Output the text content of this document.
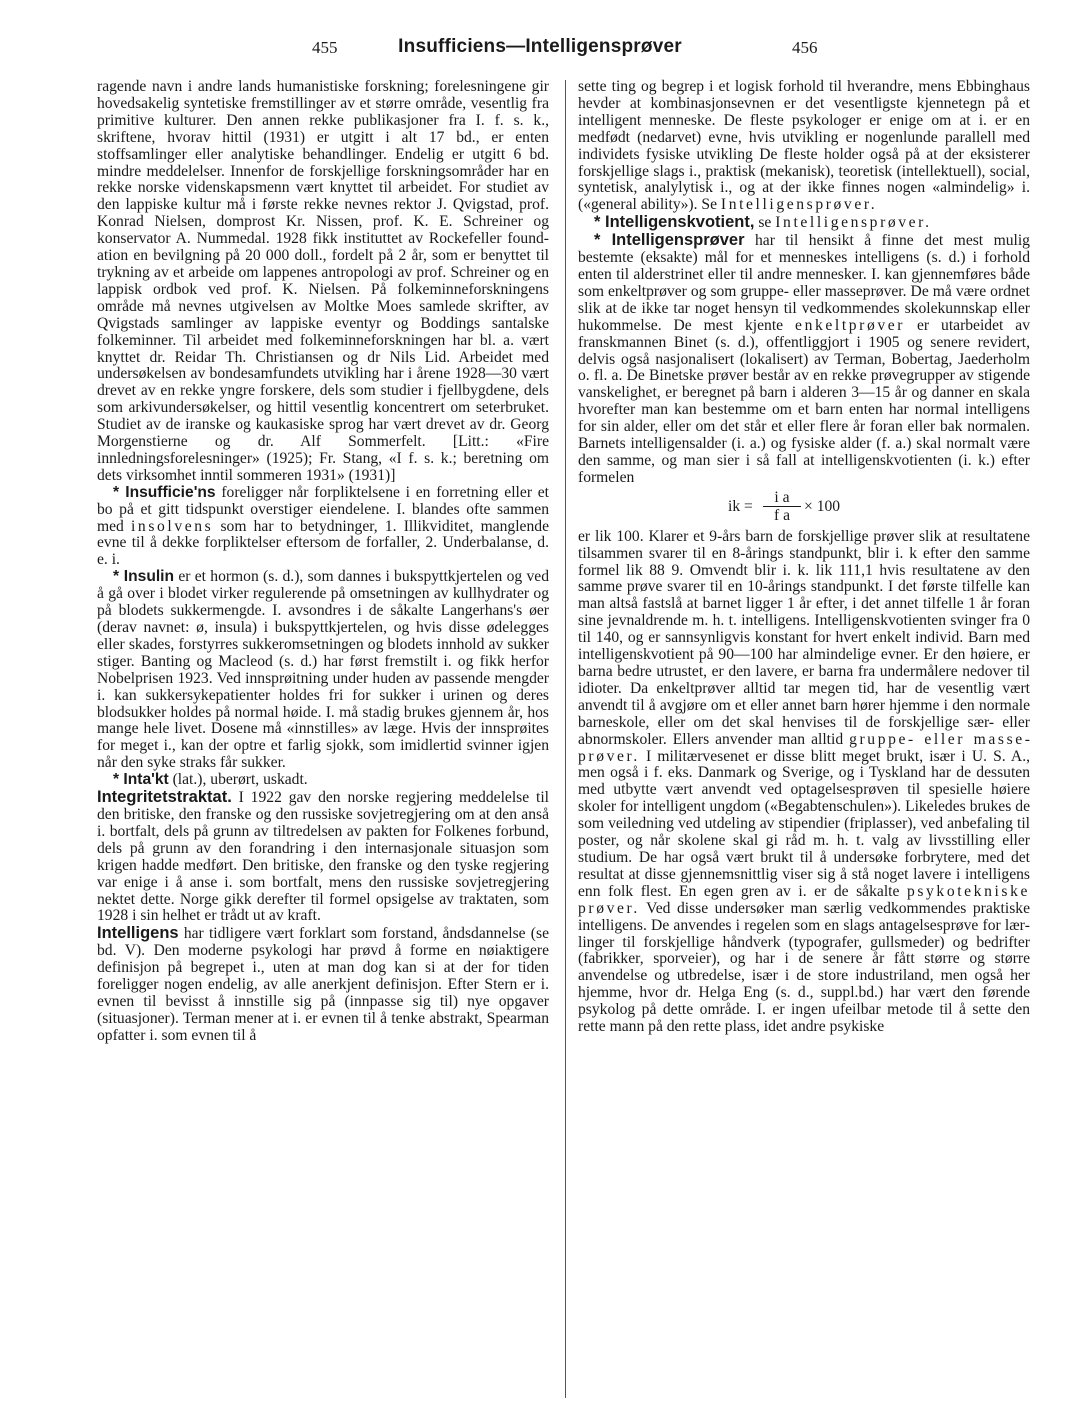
455	Insufficiens—Intelligensprøver	456

ragende navn i andre lands humanistiske forskning; forelesningene gir hovedsakelig syntetiske fremstillinger av et større område, vesentlig fra primitive kulturer. Den annen rekke publikasjoner fra I. f. s. k., skriftene, hvorav hittil (1931) er utgitt i alt 17 bd., er enten stoffsamlinger eller analytiske behandlinger. Endelig er utgitt 6 bd. mindre meddelelser. Innenfor de forskjellige forskningsområder har en rekke norske videnskapsmenn vært knyttet til arbeidet. For studiet av den lappiske kultur må i første rekke nevnes rektor J. Qvigstad, prof. Konrad Nielsen, domprost Kr. Nissen, prof. K. E. Schreiner og konservator A. Nummedal. 1928 fikk instituttet av Rockefeller foundation en bevilgning på 20 000 doll., fordelt på 2 år, som er benyttet til trykning av et arbeide om lappenes antropologi av prof. Schreiner og en lappisk ordbok ved prof. K. Nielsen. På folkeminneforskningens område må nevnes utgivelsen av Moltke Moes samlede skrifter, av Qvigstads samlinger av lappiske eventyr og Boddings santalske folkeminner. Til arbeidet med folkeminneforskningen har bl. a. vært knyttet dr. Reidar Th. Christiansen og dr Nils Lid. Arbeidet med undersøkelsen av bondesamfundets utvikling har i årene 1928—30 vært drevet av en rekke yngre forskere, dels som studier i fjellbygdene, dels som arkivundersøkelser, og hittil vesentlig koncentrert om seterbruket. Studiet av de iranske og kaukasiske sprog har vært drevet av dr. Georg Morgenstierne og dr. Alf Sommerfelt. [Litt.: «Fire innledningsforelesninger» (1925); Fr. Stang, «I f. s. k.; beretning om dets virksomhet inntil sommeren 1931» (1931)]

* Insufficie'ns foreligger når forpliktelsene i en forretning eller et bo på et gitt tidspunkt overstiger eiendelene. I. blandes ofte sammen med insolvens som har to betydninger, 1. Illikviditet, manglende evne til å dekke forpliktelser eftersom de forfaller, 2. Underbalanse, d. e. i.

* Insulin er et hormon (s. d.), som dannes i bukspyttkjertelen og ved å gå over i blodet virker regulerende på omsetningen av kullhydrater og på blodets sukkermengde. I. avsondres i de såkalte Langerhans's øer (derav navnet: ø, insula) i bukspyttkjertelen, og hvis disse ødelegges eller skades, forstyrres sukkeromsetningen og blodets innhold av sukker stiger. Banting og Macleod (s. d.) har først fremstilt i. og fikk herfor Nobelprisen 1923. Ved innsprøitning under huden av passende mengder i. kan sukkersykepatienter holdes fri for sukker i urinen og deres blodsukker holdes på normal høide. I. må stadig brukes gjennem år, hos mange hele livet. Dosene må «innstilles» av læge. Hvis der innsprøites for meget i., kan der optre et farlig sjokk, som imidlertid svinner igjen når den syke straks får sukker.

* Inta'kt (lat.), uberørt, uskadt.

Integritetstraktat. I 1922 gav den norske regjering meddelelse til den britiske, den franske og den russiske sovjetregjering om at den anså i. bortfalt, dels på grunn av tiltredelsen av pakten for Folkenes forbund, dels på grunn av den forandring i den internasjonale situasjon som krigen hadde medført. Den britiske, den franske og den tyske regjering var enige i å anse i. som bortfalt, mens den russiske sovjetregjering nektet dette. Norge gikk derefter til formel opsigelse av traktaten, som 1928 i sin helhet er trådt ut av kraft.

Intelligens har tidligere vært forklart som forstand, åndsdannelse (se bd. V). Den moderne psykologi har prøvd å forme en nøiaktigere definisjon på begrepet i., uten at man dog kan si at der for tiden foreligger nogen endelig, av alle anerkjent definisjon. Efter Stern er i. evnen til bevisst å innstille sig på (innpasse sig til) nye opgaver (situasjoner). Terman mener at i. er evnen til å tenke abstrakt, Spearman opfatter i. som evnen til å

sette ting og begrep i et logisk forhold til hverandre, mens Ebbinghaus hevder at kombinasjonsevnen er det vesentligste kjennetegn på et intelligent menneske. De fleste psykologer er enige om at i. er en medfødt (nedarvet) evne, hvis utvikling er nogenlunde parallell med individets fysiske utvikling De fleste holder også på at der eksisterer forskjellige slags i., praktisk (mekanisk), teoretisk (intellektuell), social, syntetisk, analylytisk i., og at der ikke finnes nogen «almindelig» i. («general ability»). Se Intelligensprøver.

* Intelligenskvotient, se Intelligensprøver.

* Intelligensprøver har til hensikt å finne det mest mulig bestemte (eksakte) mål for et menneskes intelligens (s. d.) i forhold enten til alderstrinet eller til andre mennesker. I. kan gjennemføres både som enkeltprøver og som gruppe- eller masseprøver. De må være ordnet slik at de ikke tar noget hensyn til vedkommendes skolekunnskap eller hukommelse. De mest kjente enkeltprøver er utarbeidet av franskmannen Binet (s. d.), offentliggjort i 1905 og senere revidert, delvis også nasjonalisert (lokalisert) av Terman, Bobertag, Jaederholm o. fl. a. De Binetske prøver består av en rekke prøvegrupper av stigende vanskelighet, er beregnet på barn i alderen 3—15 år og danner en skala hvorefter man kan bestemme om et barn enten har normal intelligens for sin alder, eller om det står et eller flere år foran eller bak normalen. Barnets intelligensalder (i. a.) og fysiske alder (f. a.) skal normalt være den samme, og man sier i så fall at intelligenskvotienten (i. k.) efter formelen

ik = $\frac{\text{i a}}{\text{f a}} \times 100$

er lik 100. Klarer et 9-års barn de forskjellige prøver slik at resultatene tilsammen svarer til en 8-årings standpunkt, blir i. k efter den samme formel lik 88 9. Omvendt blir i. k. lik 111,1 hvis resultatene av den samme prøve svarer til en 10-årings standpunkt. I det første tilfelle kan man altså fastslå at barnet ligger 1 år efter, i det annet tilfelle 1 år foran sine jevnaldrende m. h. t. intelligens. Intelligenskvotienten svinger fra 0 til 140, og er sannsynligvis konstant for hvert enkelt individ. Barn med intelligenskvotient på 90—100 har almindelige evner. Er den høiere, er barna bedre utrustet, er den lavere, er barna fra undermålere nedover til idioter. Da enkeltprøver alltid tar megen tid, har de vesentlig vært anvendt til å avgjøre om et eller annet barn hører hjemme i den normale barneskole, eller om det skal henvises til de forskjellige sær- eller abnormskoler. Ellers anvender man alltid gruppe- eller masseprøver. I militærvesenet er disse blitt meget brukt, især i U. S. A., men også i f. eks. Danmark og Sverige, og i Tyskland har de dessuten med utbytte vært anvendt ved optagelsesprøven til spesielle høiere skoler for intelligent ungdom («Begabtenschulen»). Likeledes brukes de som veiledning ved utdeling av stipendier (friplasser), ved anbefaling til poster, og når skolene skal gi råd m. h. t. valg av livsstilling eller studium. De har også vært brukt til å undersøke forbrytere, med det resultat at disse gjennemsnittlig viser sig å stå noget lavere i intelligens enn folk flest. En egen gren av i. er de såkalte psykotekniske prøver. Ved disse undersøker man særlig vedkommendes praktiske intelligens. De anvendes i regelen som en slags antagelsesprøve for lærlinger til forskjellige håndverk (typografer, gullsmeder) og bedrifter (fabrikker, sporveier), og har i de senere år fått større og større anvendelse og utbredelse, især i de store industriland, men også her hjemme, hvor dr. Helga Eng (s. d., suppl.bd.) har vært den førende psykolog på dette område. I. er ingen ufeilbar metode til å sette den rette mann på den rette plass, idet andre psykiske
